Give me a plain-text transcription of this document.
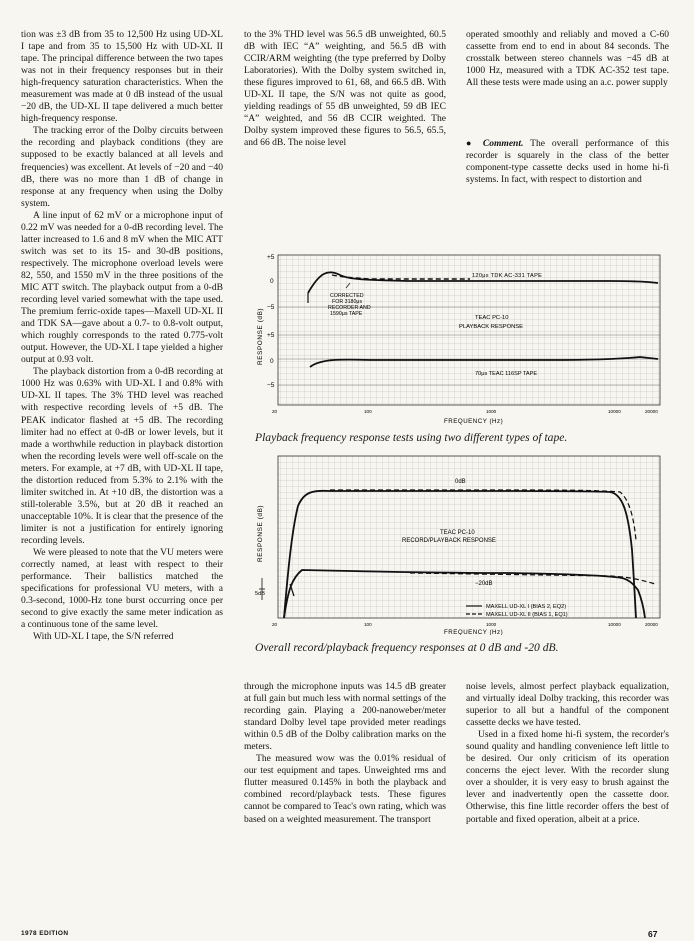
tion was ±3 dB from 35 to 12,500 Hz using UD-XL I tape and from 35 to 15,500 Hz with UD-XL II tape. The principal difference between the two tapes was not in their frequency responses but in their high-frequency saturation characteristics. When the measurement was made at 0 dB instead of the usual −20 dB, the UD-XL II tape delivered a much better high-frequency response.

The tracking error of the Dolby circuits between the recording and playback conditions (they are supposed to be exactly balanced at all levels and frequencies) was excellent. At levels of −20 and −40 dB, there was no more than 1 dB of change in response at any frequency when using the Dolby system.

A line input of 62 mV or a microphone input of 0.22 mV was needed for a 0-dB recording level. The latter increased to 1.6 and 8 mV when the MIC ATT switch was set to its 15- and 30-dB positions, respectively. The microphone overload levels were 82, 550, and 1550 mV in the three positions of the MIC ATT switch. The playback output from a 0-dB recording level varied somewhat with the tape used. The premium ferric-oxide tapes—Maxell UD-XL II and TDK SA—gave about a 0.7- to 0.8-volt output, which roughly corresponds to the rated 0.775-volt output. However, the UD-XL I tape yielded a higher output at 0.93 volt.

The playback distortion from a 0-dB recording at 1000 Hz was 0.63% with UD-XL I and 0.8% with UD-XL II tapes. The 3% THD level was reached with respective recording levels of +5 dB. The PEAK indicator flashed at +5 dB. The recording limiter had no effect at 0-dB or lower levels, but it made a worthwhile reduction in playback distortion when the recording levels were well off-scale on the meters. For example, at +7 dB, with UD-XL II tape, the distortion reduced from 5.3% to 2.1% with the limiter switched in. At +10 dB, the distortion was a still-tolerable 3.5%, but at 20 dB it reached an unacceptable 10%. It is clear that the presence of the limiter is not a justification for entirely ignoring recording levels.

We were pleased to note that the VU meters were correctly named, at least with respect to their performance. Their ballistics matched the specifications for professional VU meters, with a 0.3-second, 1000-Hz tone burst occurring once per second to give exactly the same meter indication as a continuous tone of the same level.

With UD-XL I tape, the S/N referred

to the 3% THD level was 56.5 dB unweighted, 60.5 dB with IEC “A” weighting, and 56.5 dB with CCIR/ARM weighting (the type preferred by Dolby Laboratories). With the Dolby system switched in, these figures improved to 61, 68, and 66.5 dB. With UD-XL II tape, the S/N was not quite as good, yielding readings of 55 dB unweighted, 59 dB IEC “A” weighted, and 56 dB CCIR weighted. The Dolby system improved these figures to 56.5, 65.5, and 66 dB. The noise level

operated smoothly and reliably and moved a C-60 cassette from end to end in about 84 seconds. The crosstalk between stereo channels was −45 dB at 1000 Hz, measured with a TDK AC-352 test tape. All these tests were made using an a.c. power supply

● Comment. The overall performance of this recorder is squarely in the class of the better component-type cassette decks used in home hi-fi systems. In fact, with respect to distortion and

through the microphone inputs was 14.5 dB greater at full gain but much less with normal settings of the recording gain. Playing a 200-nanoweber/meter standard Dolby level tape provided meter readings within 0.5 dB of the Dolby calibration marks on the meters.

The measured wow was the 0.01% residual of our test equipment and tapes. Unweighted rms and flutter measured 0.145% in both the playback and combined record/playback tests. These figures cannot be compared to Teac's own rating, which was based on a weighted measurement. The transport

noise levels, almost perfect playback equalization, and virtually ideal Dolby tracking, this recorder was superior to all but a handful of the component cassette decks we have tested.

Used in a fixed home hi-fi system, the recorder's sound quality and handling convenience left little to be desired. Our only criticism of its operation concerns the eject lever. With the recorder slung over a shoulder, it is very easy to brush against the lever and inadvertently open the cassette door. Otherwise, this fine little recorder offers the best of portable and fixed operation, albeit at a price.

RESPONSE (dB)
+5
0
−5
+5
0
−5
120μs TDK AC-331 TAPE
CORRECTED
FOR 3180μs
RECORDER AND
1590μs TAPE
TEAC PC-10
PLAYBACK RESPONSE
70μs TEAC 116SP TAPE
20	100	1000	10000	20000
FREQUENCY (Hz)
Playback frequency response tests using two different types of tape.
RESPONSE (dB)
5dB
0dB
TEAC PC-10
RECORD/PLAYBACK RESPONSE
−20dB
MAXELL UD-XL I (BIAS 2, EQ2)
MAXELL UD-XL II (BIAS 1, EQ1)
20	100	1000	10000	20000
FREQUENCY (Hz)
Overall record/playback frequency responses at 0 dB and -20 dB.
1978 EDITION	67
